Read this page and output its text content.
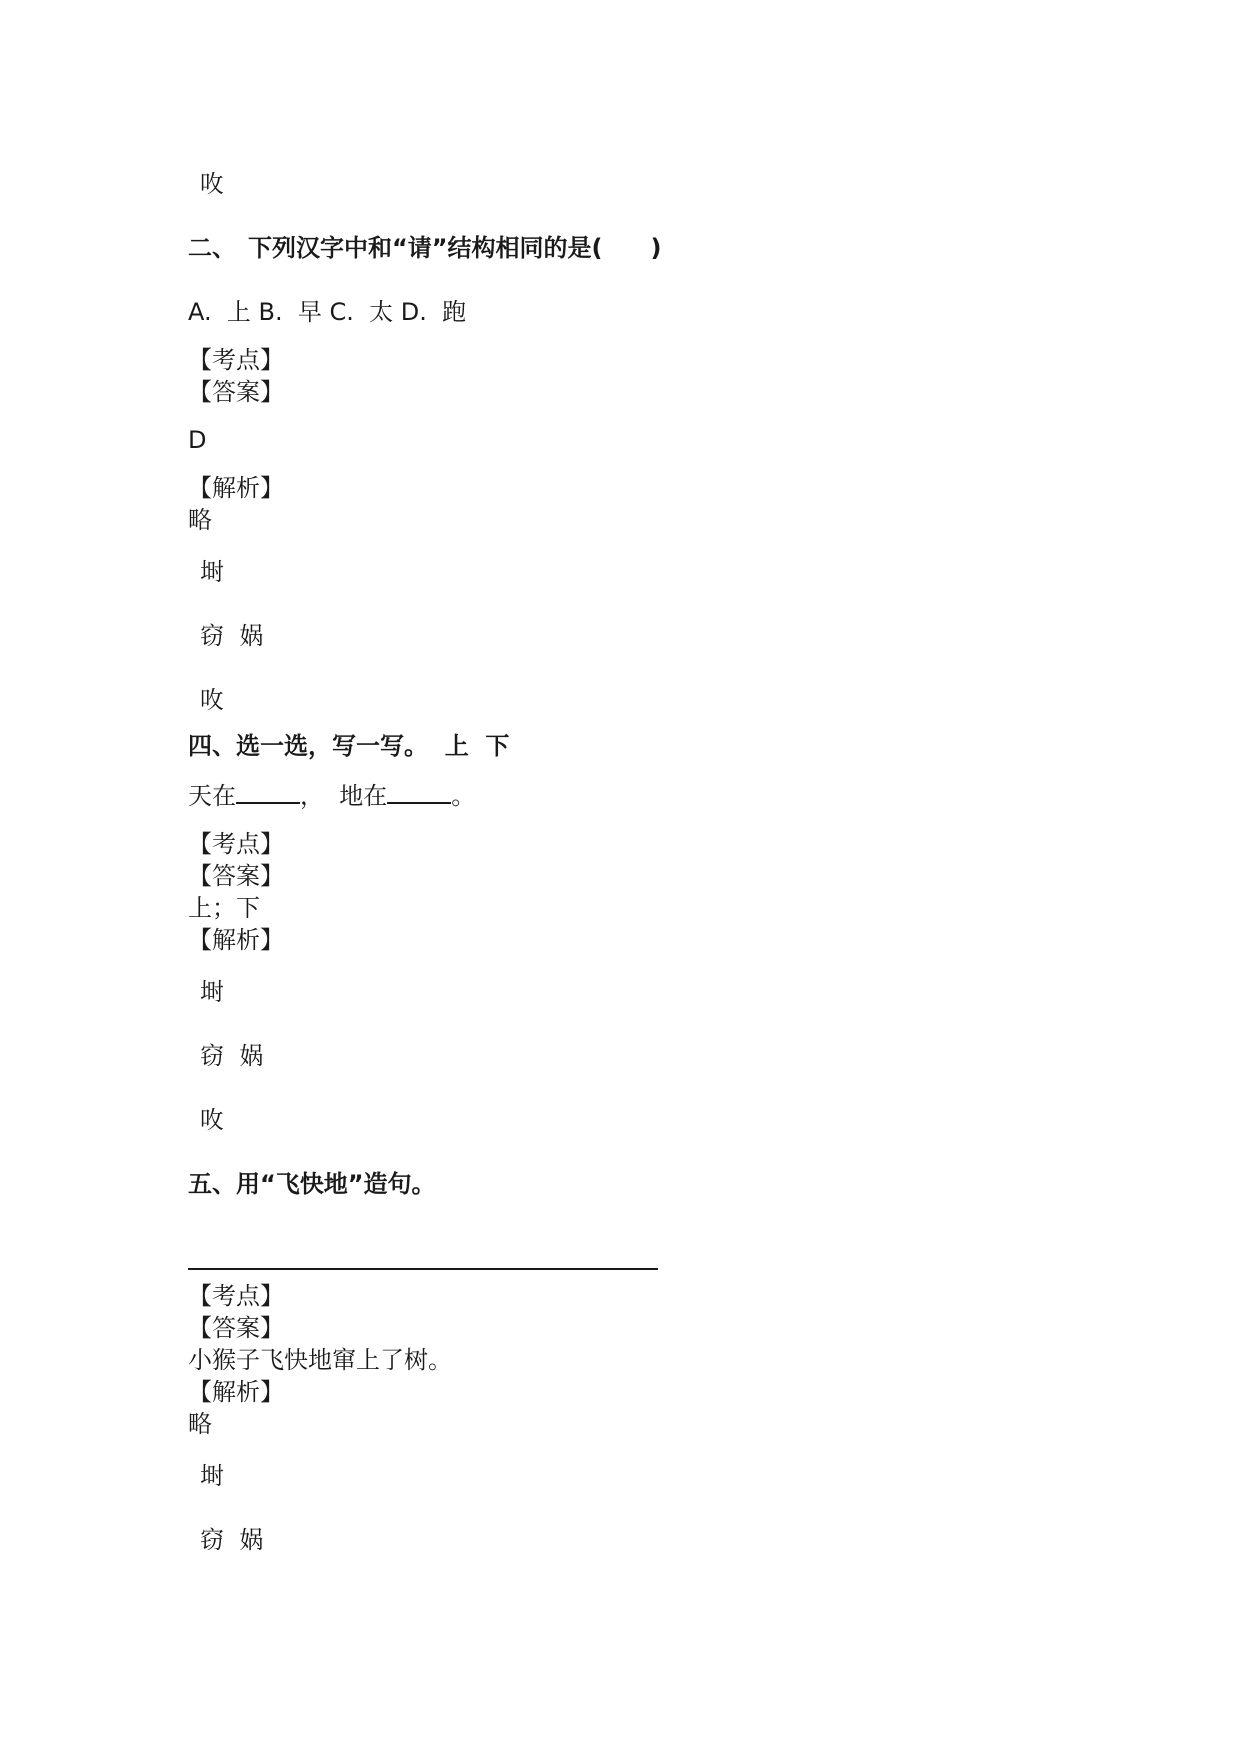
呚
二、　下列汉字中和“请”结构相同的是(　　)
A.  上 B.  早 C.  太 D.  跑
【考点】
【答案】
D
【解析】
略
埘
窃  娲
呚
四、选一选，写一写。  上  下
天在	，  地在	。
【考点】
【答案】
上；下
【解析】
埘
窃  娲
呚
五、用“飞快地”造句。
【考点】
【答案】
小猴子飞快地窜上了树。
【解析】
略
埘
窃  娲
